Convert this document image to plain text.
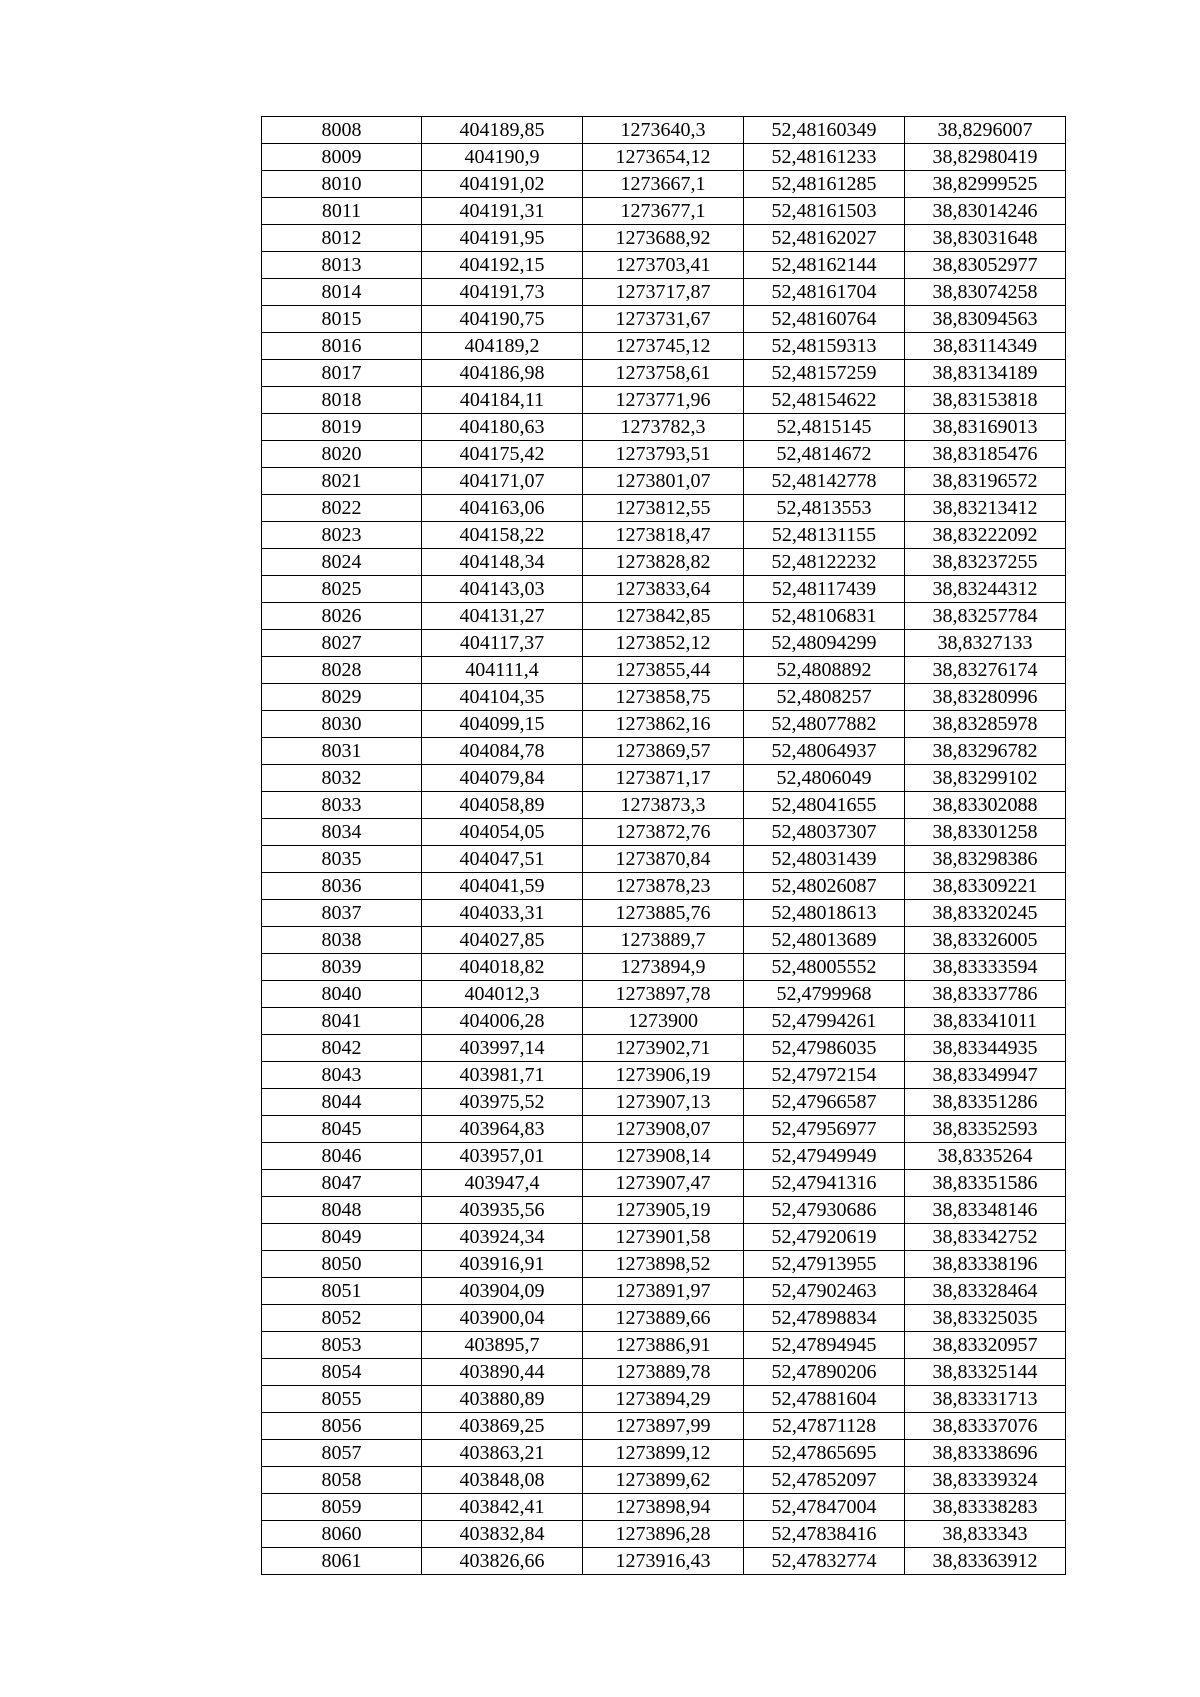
8008	404189,85	1273640,3	52,48160349	38,8296007
8009	404190,9	1273654,12	52,48161233	38,82980419
8010	404191,02	1273667,1	52,48161285	38,82999525
8011	404191,31	1273677,1	52,48161503	38,83014246
8012	404191,95	1273688,92	52,48162027	38,83031648
8013	404192,15	1273703,41	52,48162144	38,83052977
8014	404191,73	1273717,87	52,48161704	38,83074258
8015	404190,75	1273731,67	52,48160764	38,83094563
8016	404189,2	1273745,12	52,48159313	38,83114349
8017	404186,98	1273758,61	52,48157259	38,83134189
8018	404184,11	1273771,96	52,48154622	38,83153818
8019	404180,63	1273782,3	52,4815145	38,83169013
8020	404175,42	1273793,51	52,4814672	38,83185476
8021	404171,07	1273801,07	52,48142778	38,83196572
8022	404163,06	1273812,55	52,4813553	38,83213412
8023	404158,22	1273818,47	52,48131155	38,83222092
8024	404148,34	1273828,82	52,48122232	38,83237255
8025	404143,03	1273833,64	52,48117439	38,83244312
8026	404131,27	1273842,85	52,48106831	38,83257784
8027	404117,37	1273852,12	52,48094299	38,8327133
8028	404111,4	1273855,44	52,4808892	38,83276174
8029	404104,35	1273858,75	52,4808257	38,83280996
8030	404099,15	1273862,16	52,48077882	38,83285978
8031	404084,78	1273869,57	52,48064937	38,83296782
8032	404079,84	1273871,17	52,4806049	38,83299102
8033	404058,89	1273873,3	52,48041655	38,83302088
8034	404054,05	1273872,76	52,48037307	38,83301258
8035	404047,51	1273870,84	52,48031439	38,83298386
8036	404041,59	1273878,23	52,48026087	38,83309221
8037	404033,31	1273885,76	52,48018613	38,83320245
8038	404027,85	1273889,7	52,48013689	38,83326005
8039	404018,82	1273894,9	52,48005552	38,83333594
8040	404012,3	1273897,78	52,4799968	38,83337786
8041	404006,28	1273900	52,47994261	38,83341011
8042	403997,14	1273902,71	52,47986035	38,83344935
8043	403981,71	1273906,19	52,47972154	38,83349947
8044	403975,52	1273907,13	52,47966587	38,83351286
8045	403964,83	1273908,07	52,47956977	38,83352593
8046	403957,01	1273908,14	52,47949949	38,8335264
8047	403947,4	1273907,47	52,47941316	38,83351586
8048	403935,56	1273905,19	52,47930686	38,83348146
8049	403924,34	1273901,58	52,47920619	38,83342752
8050	403916,91	1273898,52	52,47913955	38,83338196
8051	403904,09	1273891,97	52,47902463	38,83328464
8052	403900,04	1273889,66	52,47898834	38,83325035
8053	403895,7	1273886,91	52,47894945	38,83320957
8054	403890,44	1273889,78	52,47890206	38,83325144
8055	403880,89	1273894,29	52,47881604	38,83331713
8056	403869,25	1273897,99	52,47871128	38,83337076
8057	403863,21	1273899,12	52,47865695	38,83338696
8058	403848,08	1273899,62	52,47852097	38,83339324
8059	403842,41	1273898,94	52,47847004	38,83338283
8060	403832,84	1273896,28	52,47838416	38,833343
8061	403826,66	1273916,43	52,47832774	38,83363912
